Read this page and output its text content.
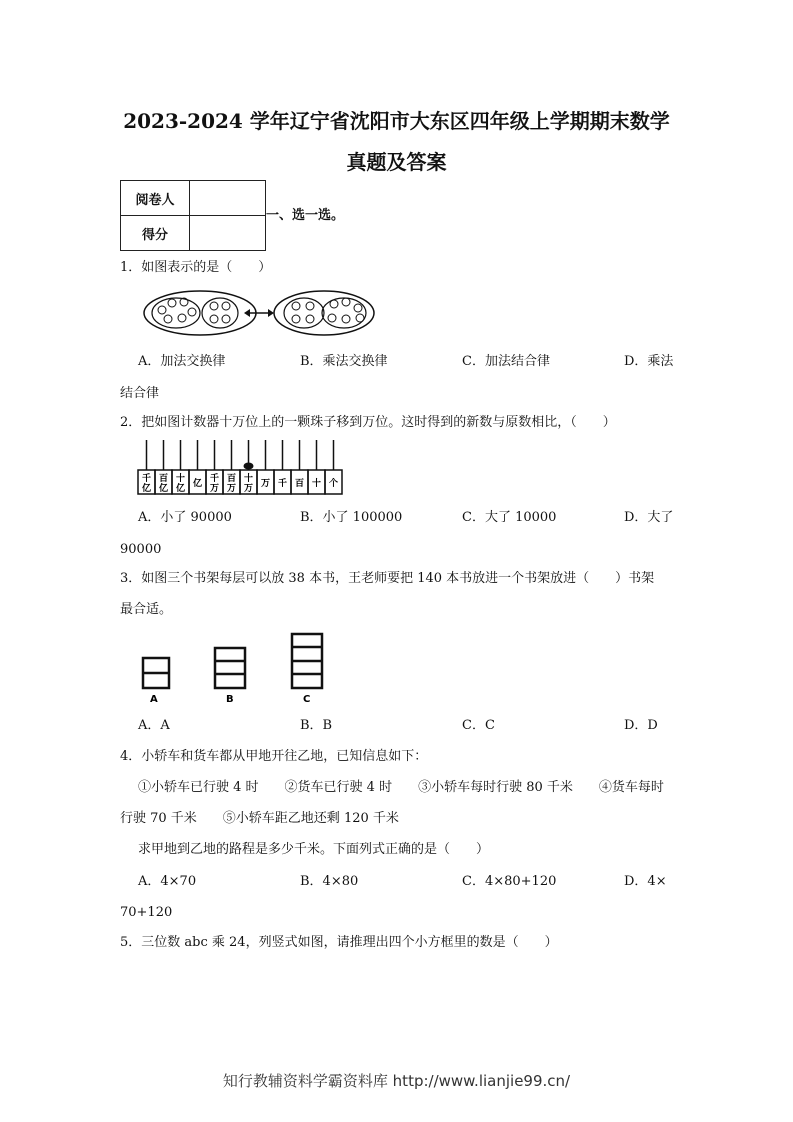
2023-2024 学年辽宁省沈阳市大东区四年级上学期期末数学
真题及答案
阅卷人	
得分	
一、选一选。
1．如图表示的是（　　）
A．加法交换律	B．乘法交换律	C．加法结合律	D．乘法
结合律
2．把如图计数器十万位上的一颗珠子移到万位。这时得到的新数与原数相比，（　　）
千
亿
百
亿
十
亿 亿 千
万
百
万
十
万 万 千 百 十 个
A．小了 90000	B．小了 100000	C．大了 10000	D．大了
90000
3．如图三个书架每层可以放 38 本书，王老师要把 140 本书放进一个书架放进（　　）书架
最合适。
A	B	C
A．A	B．B	C．C	D．D
4．小轿车和货车都从甲地开往乙地，已知信息如下：
①小轿车已行驶 4 时　　②货车已行驶 4 时　　③小轿车每时行驶 80 千米　　④货车每时
行驶 70 千米　　⑤小轿车距乙地还剩 120 千米
求甲地到乙地的路程是多少千米。下面列式正确的是（　　）
A．4×70	B．4×80	C．4×80+120	D．4×
70+120
5．三位数 abc 乘 24，列竖式如图，请推理出四个小方框里的数是（　　）
知行教辅资料学霸资料库 http://www.lianjie99.cn/
